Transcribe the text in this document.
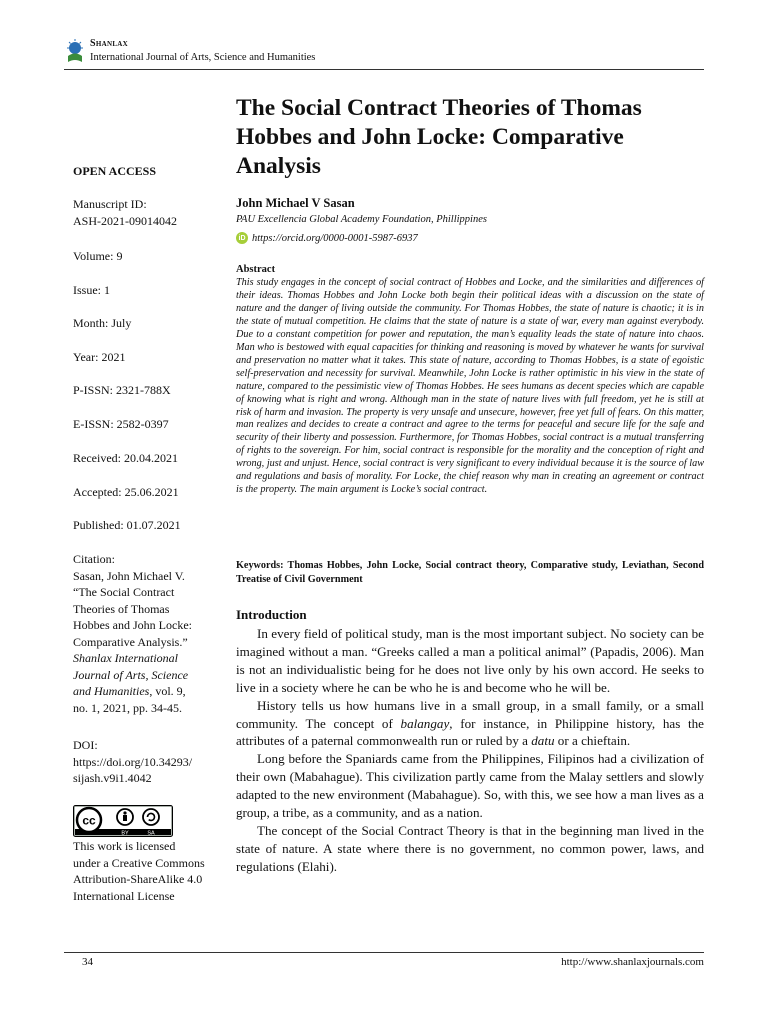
Shanlax
International Journal of Arts, Science and Humanities
OPEN ACCESS
Manuscript ID:
ASH-2021-09014042
Volume: 9
Issue: 1
Month: July
Year: 2021
P-ISSN: 2321-788X
E-ISSN: 2582-0397
Received: 20.04.2021
Accepted: 25.06.2021
Published: 01.07.2021
Citation:
Sasan, John Michael V.
“The Social Contract
Theories of Thomas
Hobbes and John Locke:
Comparative Analysis.”
Shanlax International
Journal of Arts, Science
and Humanities, vol. 9,
no. 1, 2021, pp. 34-45.
DOI:
https://doi.org/10.34293/
sijash.v9i1.4042
cc
BY	SA
This work is licensed
under a Creative Commons
Attribution-ShareAlike 4.0
International License
The Social Contract Theories of Thomas Hobbes and John Locke: Comparative Analysis
John Michael V Sasan
PAU Excellencia Global Academy Foundation, Phillippines
iD https://orcid.org/0000-0001-5987-6937
Abstract
This study engages in the concept of social contract of Hobbes and Locke, and the similarities and differences of their ideas. Thomas Hobbes and John Locke both begin their political ideas with a discussion on the state of nature and the danger of living outside the community. For Thomas Hobbes, the state of nature is chaotic; it is in the state of mutual competition. He claims that the state of nature is a state of war, every man against everybody. Due to a constant competition for power and reputation, the man’s equality leads the state of nature into chaos. Man who is bestowed with equal capacities for thinking and reasoning is moved by whatever he wants for survival and preservation no matter what it takes. This state of nature, according to Thomas Hobbes, is a state of egoistic self-preservation and necessity for survival. Meanwhile, John Locke is rather optimistic in his view in the state of nature, compared to the pessimistic view of Thomas Hobbes. He sees humans as decent species which are capable of knowing what is right and wrong. Although man in the state of nature lives with full freedom, yet he is still at risk of harm and invasion. The property is very unsafe and unsecure, however, free yet full of fears. On this matter, man realizes and decides to create a contract and agree to the terms for peaceful and secure life for the safe and security of their liberty and possession. Furthermore, for Thomas Hobbes, social contract is a mutual transferring of rights to the sovereign. For him, social contract is responsible for the morality and the conception of right and wrong, just and unjust. Hence, social contract is very significant to every individual because it is the source of law and regulations and basis of morality. For Locke, the chief reason why man in creating an agreement or contract is the property. The main argument is Locke’s social contract.
Keywords: Thomas Hobbes, John Locke, Social contract theory, Comparative study, Leviathan, Second Treatise of Civil Government
Introduction

In every field of political study, man is the most important subject. No society can be imagined without a man. “Greeks called a man a political animal” (Papadis, 2006). Man is not an individualistic being for he does not live only by his own accord. He seeks to live in a society where he can be who he is and become who he will be.

History tells us how humans live in a small group, in a small family, or a small community. The concept of balangay, for instance, in Philippine history, has the attributes of a paternal commonwealth run or ruled by a datu or a chieftain.

Long before the Spaniards came from the Philippines, Filipinos had a civilization of their own (Mabahague). This civilization partly came from the Malay settlers and slowly adapted to the new environment (Mabahague). So, with this, we see how a man lives as a group, a tribe, as a community, and as a nation.

The concept of the Social Contract Theory is that in the beginning man lived in the state of nature. A state where there is no government, no common power, laws, and regulations (Elahi).

34	http://www.shanlaxjournals.com
